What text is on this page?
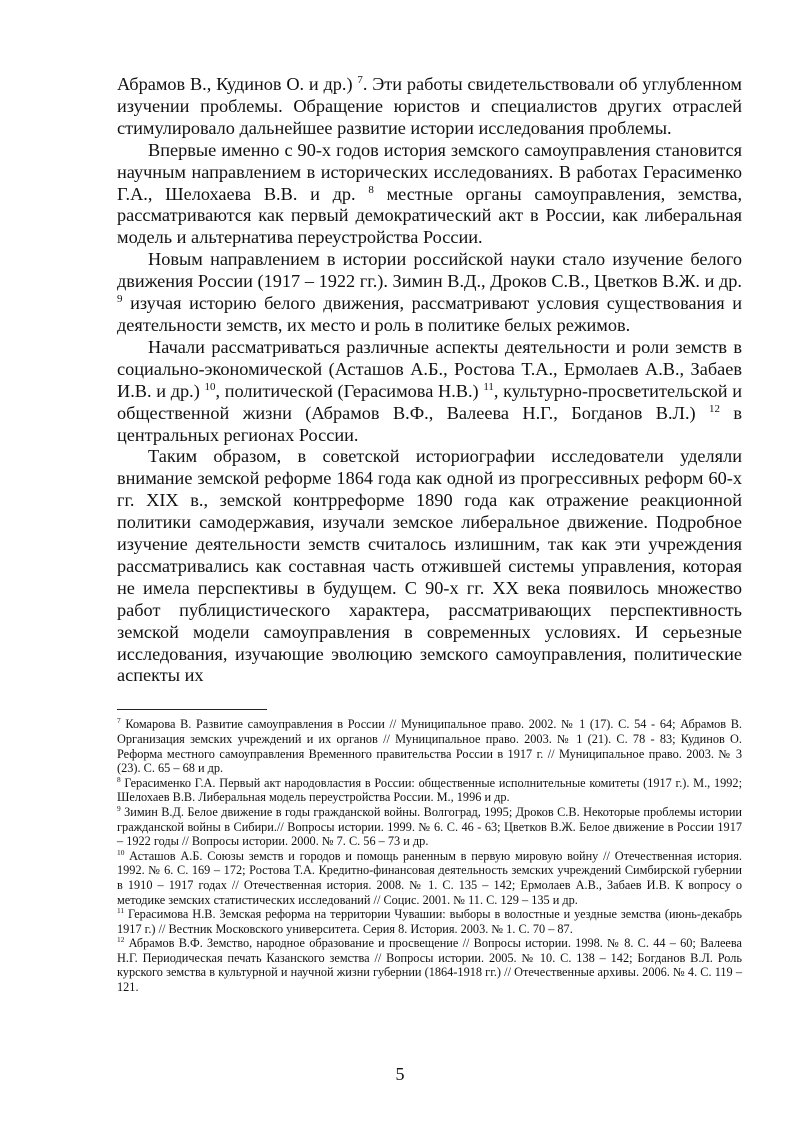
Абрамов В., Кудинов О. и др.) $^7$. Эти работы свидетельствовали об углубленном изучении проблемы. Обращение юристов и специалистов других отраслей стимулировало дальнейшее развитие истории исследования проблемы.

Впервые именно с 90-х годов история земского самоуправления становится научным направлением в исторических исследованиях. В работах Герасименко Г.А., Шелохаева В.В. и др. $^8$ местные органы самоуправления, земства, рассматриваются как первый демократический акт в России, как либеральная модель и альтернатива переустройства России.

Новым направлением в истории российской науки стало изучение белого движения России (1917 – 1922 гг.). Зимин В.Д., Дроков С.В., Цветков В.Ж. и др. $^9$ изучая историю белого движения, рассматривают условия существования и деятельности земств, их место и роль в политике белых режимов.

Начали рассматриваться различные аспекты деятельности и роли земств в социально-экономической (Асташов А.Б., Ростова Т.А., Ермолаев А.В., Забаев И.В. и др.) $^{10}$, политической (Герасимова Н.В.) $^{11}$, культурно-просветительской и общественной жизни (Абрамов В.Ф., Валеева Н.Г., Богданов В.Л.) $^{12}$ в центральных регионах России.

Таким образом, в советской историографии исследователи уделяли внимание земской реформе 1864 года как одной из прогрессивных реформ 60-х гг. XIX в., земской контрреформе 1890 года как отражение реакционной политики самодержавия, изучали земское либеральное движение. Подробное изучение деятельности земств считалось излишним, так как эти учреждения рассматривались как составная часть отжившей системы управления, которая не имела перспективы в будущем. С 90-х гг. XX века появилось множество работ публицистического характера, рассматривающих перспективность земской модели самоуправления в современных условиях. И серьезные исследования, изучающие эволюцию земского самоуправления, политические аспекты их

$^7$ Комарова В. Развитие самоуправления в России // Муниципальное право. 2002. № 1 (17). С. 54 - 64; Абрамов В. Организация земских учреждений и их органов // Муниципальное право. 2003. № 1 (21). С. 78 - 83; Кудинов О. Реформа местного самоуправления Временного правительства России в 1917 г. // Муниципальное право. 2003. № 3 (23). С. 65 – 68 и др.

$^8$ Герасименко Г.А. Первый акт народовластия в России: общественные исполнительные комитеты (1917 г.). М., 1992; Шелохаев В.В. Либеральная модель переустройства России. М., 1996 и др.

$^9$ Зимин В.Д. Белое движение в годы гражданской войны. Волгоград, 1995; Дроков С.В. Некоторые проблемы истории гражданской войны в Сибири.// Вопросы истории. 1999. № 6. С. 46 - 63; Цветков В.Ж. Белое движение в России 1917 – 1922 годы // Вопросы истории. 2000. № 7. С. 56 – 73 и др.

$^{10}$ Асташов А.Б. Союзы земств и городов и помощь раненным в первую мировую войну // Отечественная история. 1992. № 6. С. 169 – 172; Ростова Т.А. Кредитно-финансовая деятельность земских учреждений Симбирской губернии в 1910 – 1917 годах // Отечественная история. 2008. № 1. С. 135 – 142; Ермолаев А.В., Забаев И.В. К вопросу о методике земских статистических исследований // Социс. 2001. № 11. С. 129 – 135 и др.

$^{11}$ Герасимова Н.В. Земская реформа на территории Чувашии: выборы в волостные и уездные земства (июнь-декабрь 1917 г.) // Вестник Московского университета. Серия 8. История. 2003. № 1. С. 70 – 87.

$^{12}$ Абрамов В.Ф. Земство, народное образование и просвещение // Вопросы истории. 1998. № 8. С. 44 – 60; Валеева Н.Г. Периодическая печать Казанского земства // Вопросы истории. 2005. № 10. С. 138 – 142; Богданов В.Л. Роль курского земства в культурной и научной жизни губернии (1864-1918 гг.) // Отечественные архивы. 2006. № 4. С. 119 – 121.

5
